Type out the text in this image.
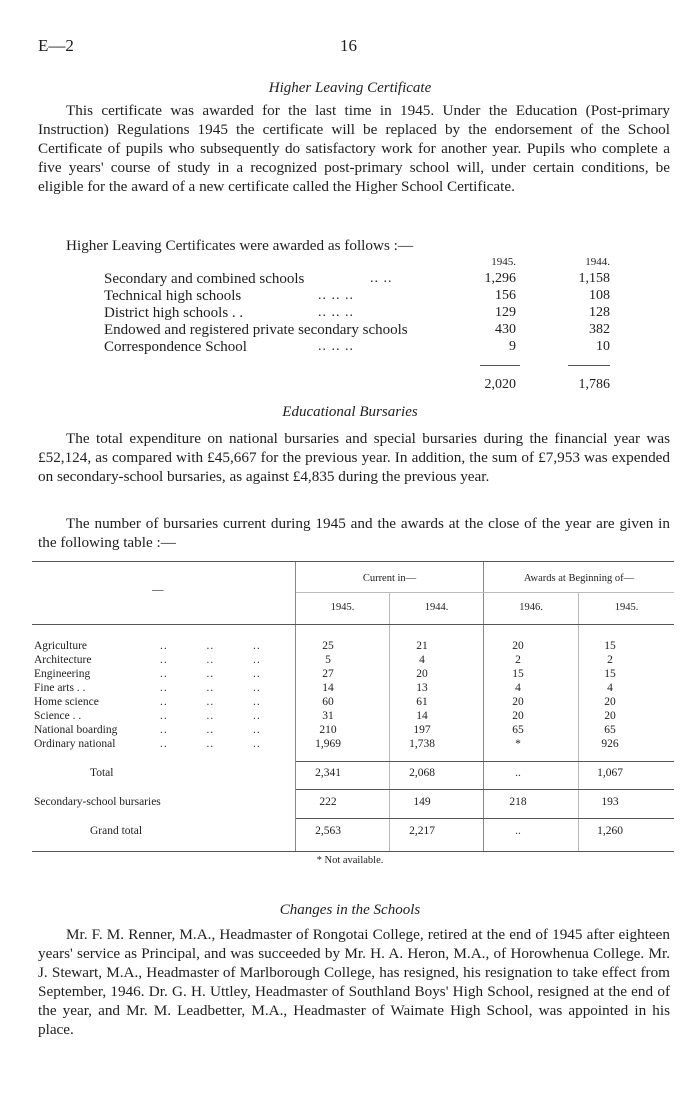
E—2	16
Higher Leaving Certificate

This certificate was awarded for the last time in 1945. Under the Education (Post-primary Instruction) Regulations 1945 the certificate will be replaced by the endorsement of the School Certificate of pupils who subsequently do satisfactory work for another year. Pupils who complete a five years' course of study in a recognized post-primary school will, under certain conditions, be eligible for the award of a new certificate called the Higher School Certificate.

Higher Leaving Certificates were awarded as follows :—

1945.	1944.
Secondary and combined schools	.. ..	1,296	1,158
Technical high schools	.. .. ..	156	108
District high schools . .	.. .. ..	129	128
Endowed and registered private secondary schools	430	382
Correspondence School	.. .. ..	9	10
2,020	1,786
Educational Bursaries

The total expenditure on national bursaries and special bursaries during the financial year was £52,124, as compared with £45,667 for the previous year. In addition, the sum of £7,953 was expended on secondary-school bursaries, as against £4,835 during the previous year.

The number of bursaries current during 1945 and the awards at the close of the year are given in the following table :—

—
Current in—	Awards at Beginning of—
1945.	1944.	1946.	1945.
Agriculture	..          ..          ..	25	21	20	15
Architecture	..          ..          ..	5	4	2	2
Engineering	..          ..          ..	27	20	15	15
Fine arts . .	..          ..          ..	14	13	4	4
Home science	..          ..          ..	60	61	20	20
Science . .	..          ..          ..	31	14	20	20
National boarding	..          ..          ..	210	197	65	65
Ordinary national	..          ..          ..	1,969	1,738	*	926
Total	2,341	2,068	..	1,067
Secondary-school bursaries	222	149	218	193
Grand total	2,563	2,217	..	1,260
* Not available.
Changes in the Schools

Mr. F. M. Renner, M.A., Headmaster of Rongotai College, retired at the end of 1945 after eighteen years' service as Principal, and was succeeded by Mr. H. A. Heron, M.A., of Horowhenua College. Mr. J. Stewart, M.A., Headmaster of Marlborough College, has resigned, his resignation to take effect from September, 1946. Dr. G. H. Uttley, Headmaster of Southland Boys' High School, resigned at the end of the year, and Mr. M. Leadbetter, M.A., Headmaster of Waimate High School, was appointed in his place.
